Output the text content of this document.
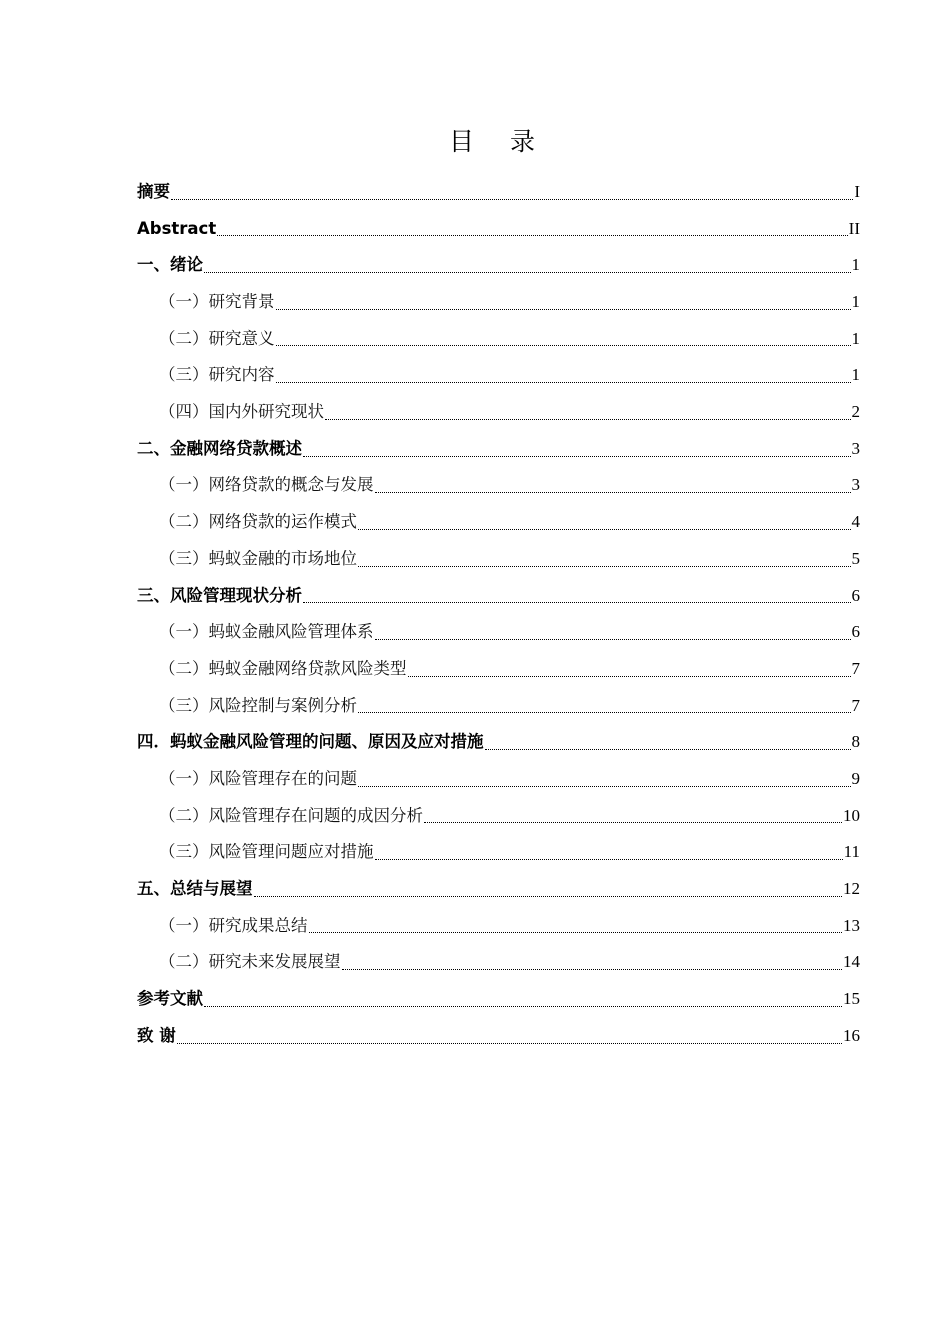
目 录
摘要	I
Abstract	II
一、绪论	1
（一）研究背景	1
（二）研究意义	1
（三）研究内容	1
（四）国内外研究现状	2
二、金融网络贷款概述	3
（一）网络贷款的概念与发展	3
（二）网络贷款的运作模式	4
（三）蚂蚁金融的市场地位	5
三、风险管理现状分析	6
（一）蚂蚁金融风险管理体系	6
（二）蚂蚁金融网络贷款风险类型	7
（三）风险控制与案例分析	7
四．蚂蚁金融风险管理的问题、原因及应对措施	8
（一）风险管理存在的问题	9
（二）风险管理存在问题的成因分析	10
（三）风险管理问题应对措施	11
五、总结与展望	12
（一）研究成果总结	13
（二）研究未来发展展望	14
参考文献	15
致 谢	16
